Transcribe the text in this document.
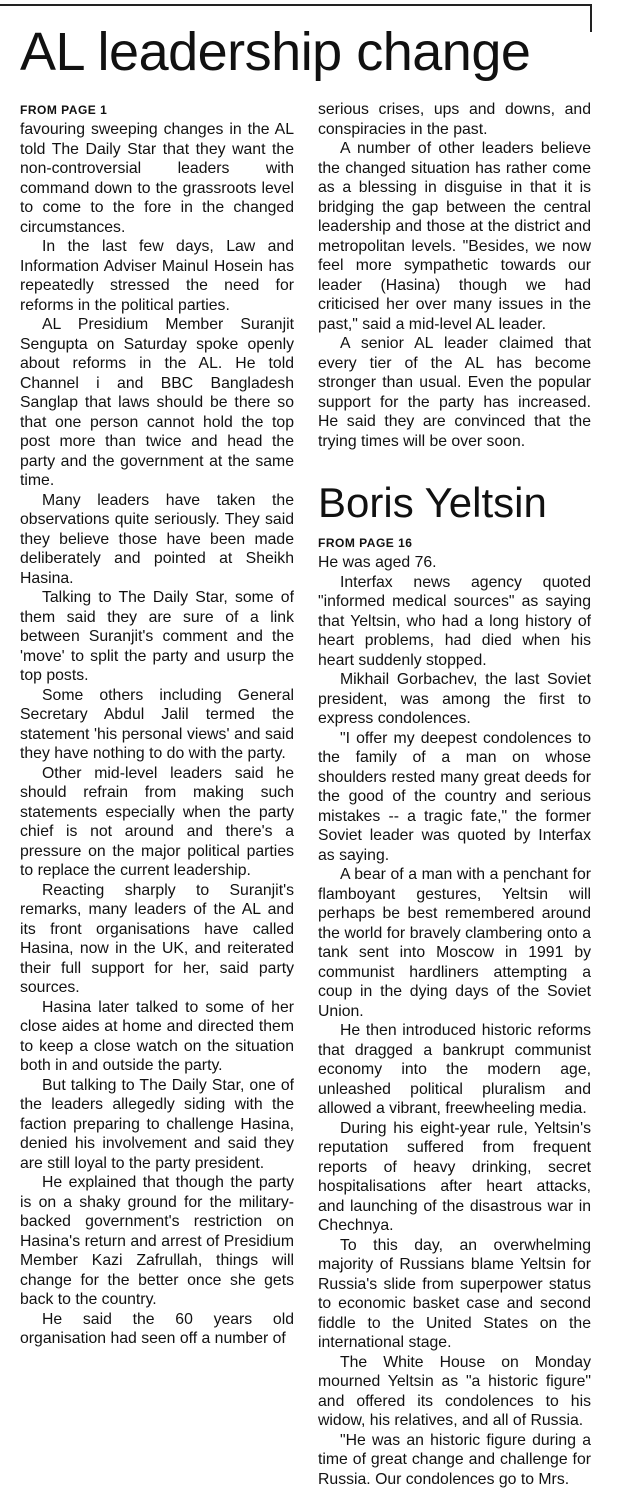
AL leadership change
FROM PAGE 1

favouring sweeping changes in the AL told The Daily Star that they want the non-controversial leaders with command down to the grassroots level to come to the fore in the changed circumstances.

In the last few days, Law and Information Adviser Mainul Hosein has repeatedly stressed the need for reforms in the political parties.

AL Presidium Member Suranjit Sengupta on Saturday spoke openly about reforms in the AL. He told Channel i and BBC Bangladesh Sanglap that laws should be there so that one person cannot hold the top post more than twice and head the party and the government at the same time.

Many leaders have taken the observations quite seriously. They said they believe those have been made deliberately and pointed at Sheikh Hasina.

Talking to The Daily Star, some of them said they are sure of a link between Suranjit's comment and the 'move' to split the party and usurp the top posts.

Some others including General Secretary Abdul Jalil termed the statement 'his personal views' and said they have nothing to do with the party.

Other mid-level leaders said he should refrain from making such statements especially when the party chief is not around and there's a pressure on the major political parties to replace the current leadership.

Reacting sharply to Suranjit's remarks, many leaders of the AL and its front organisations have called Hasina, now in the UK, and reiterated their full support for her, said party sources.

Hasina later talked to some of her close aides at home and directed them to keep a close watch on the situation both in and outside the party.

But talking to The Daily Star, one of the leaders allegedly siding with the faction preparing to challenge Hasina, denied his involvement and said they are still loyal to the party president.

He explained that though the party is on a shaky ground for the military-backed government's restriction on Hasina's return and arrest of Presidium Member Kazi Zafrullah, things will change for the better once she gets back to the country.

He said the 60 years old organisation had seen off a number of

serious crises, ups and downs, and conspiracies in the past.

A number of other leaders believe the changed situation has rather come as a blessing in disguise in that it is bridging the gap between the central leadership and those at the district and metropolitan levels. "Besides, we now feel more sympathetic towards our leader (Hasina) though we had criticised her over many issues in the past," said a mid-level AL leader.

A senior AL leader claimed that every tier of the AL has become stronger than usual. Even the popular support for the party has increased. He said they are convinced that the trying times will be over soon.

Boris Yeltsin
FROM PAGE 16

He was aged 76.

Interfax news agency quoted "informed medical sources" as saying that Yeltsin, who had a long history of heart problems, had died when his heart suddenly stopped.

Mikhail Gorbachev, the last Soviet president, was among the first to express condolences.

"I offer my deepest condolences to the family of a man on whose shoulders rested many great deeds for the good of the country and serious mistakes -- a tragic fate," the former Soviet leader was quoted by Interfax as saying.

A bear of a man with a penchant for flamboyant gestures, Yeltsin will perhaps be best remembered around the world for bravely clambering onto a tank sent into Moscow in 1991 by communist hardliners attempting a coup in the dying days of the Soviet Union.

He then introduced historic reforms that dragged a bankrupt communist economy into the modern age, unleashed political pluralism and allowed a vibrant, freewheeling media.

During his eight-year rule, Yeltsin's reputation suffered from frequent reports of heavy drinking, secret hospitalisations after heart attacks, and launching of the disastrous war in Chechnya.

To this day, an overwhelming majority of Russians blame Yeltsin for Russia's slide from superpower status to economic basket case and second fiddle to the United States on the international stage.

The White House on Monday mourned Yeltsin as "a historic figure" and offered its condolences to his widow, his relatives, and all of Russia.

"He was an historic figure during a time of great change and challenge for Russia. Our condolences go to Mrs.
